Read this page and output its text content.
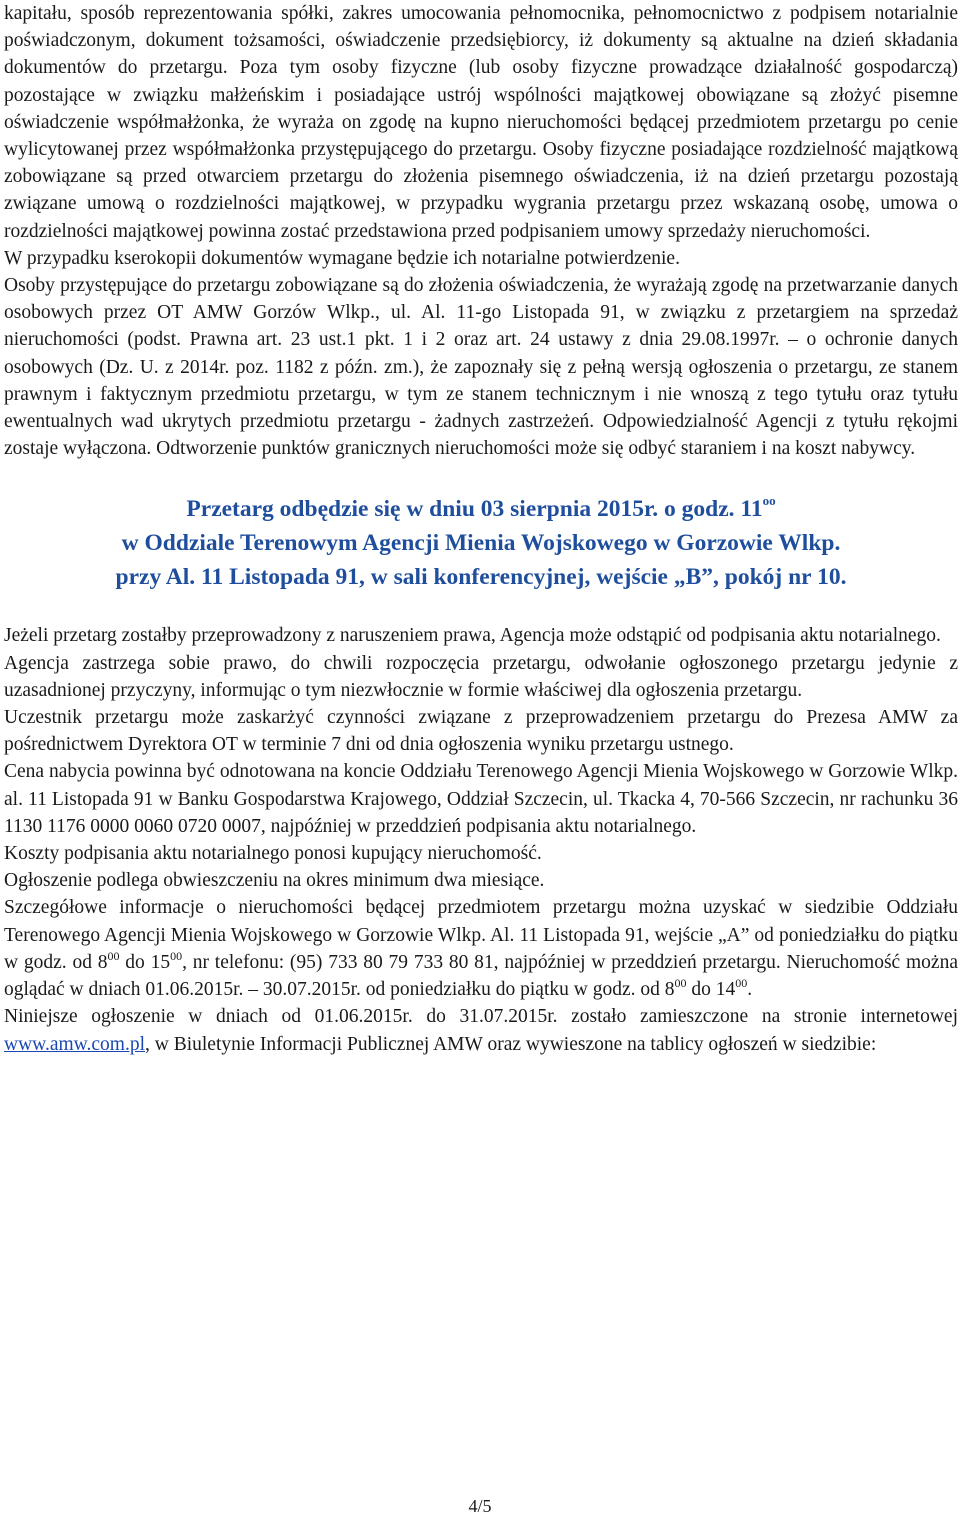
kapitału, sposób reprezentowania spółki, zakres umocowania pełnomocnika, pełnomocnictwo z podpisem notarialnie poświadczonym, dokument tożsamości, oświadczenie przedsiębiorcy, iż dokumenty są aktualne na dzień składania dokumentów do przetargu. Poza tym osoby fizyczne (lub osoby fizyczne prowadzące działalność gospodarczą) pozostające w związku małżeńskim i posiadające ustrój wspólności majątkowej obowiązane są złożyć pisemne oświadczenie współmałżonka, że wyraża on zgodę na kupno nieruchomości będącej przedmiotem przetargu po cenie wylicytowanej przez współmałżonka przystępującego do przetargu. Osoby fizyczne posiadające rozdzielność majątkową zobowiązane są przed otwarciem przetargu do złożenia pisemnego oświadczenia, iż na dzień przetargu pozostają związane umową o rozdzielności majątkowej, w przypadku wygrania przetargu przez wskazaną osobę, umowa o rozdzielności majątkowej powinna zostać przedstawiona przed podpisaniem umowy sprzedaży nieruchomości.

W przypadku kserokopii dokumentów wymagane będzie ich notarialne potwierdzenie.

Osoby przystępujące do przetargu zobowiązane są do złożenia oświadczenia, że wyrażają zgodę na przetwarzanie danych osobowych przez OT AMW Gorzów Wlkp., ul. Al. 11-go Listopada 91, w związku z przetargiem na sprzedaż nieruchomości (podst. Prawna art. 23 ust.1 pkt. 1 i 2 oraz art. 24 ustawy z dnia 29.08.1997r. – o ochronie danych osobowych (Dz. U. z 2014r. poz. 1182 z późn. zm.), że zapoznały się z pełną wersją ogłoszenia o przetargu, ze stanem prawnym i faktycznym przedmiotu przetargu, w tym ze stanem technicznym i nie wnoszą z tego tytułu oraz tytułu ewentualnych wad ukrytych przedmiotu przetargu - żadnych zastrzeżeń. Odpowiedzialność Agencji z tytułu rękojmi zostaje wyłączona. Odtworzenie punktów granicznych nieruchomości może się odbyć staraniem i na koszt nabywcy.

Przetarg odbędzie się w dniu 03 sierpnia 2015r. o godz. $11^{oo}$
w Oddziale Terenowym Agencji Mienia Wojskowego w Gorzowie Wlkp.
przy Al. 11 Listopada 91, w sali konferencyjnej, wejście „B”, pokój nr 10.

Jeżeli przetarg zostałby przeprowadzony z naruszeniem prawa, Agencja może odstąpić od podpisania aktu notarialnego.

Agencja zastrzega sobie prawo, do chwili rozpoczęcia przetargu, odwołanie ogłoszonego przetargu jedynie z uzasadnionej przyczyny, informując o tym niezwłocznie w formie właściwej dla ogłoszenia przetargu.

Uczestnik przetargu może zaskarżyć czynności związane z przeprowadzeniem przetargu do Prezesa AMW za pośrednictwem Dyrektora OT w terminie 7 dni od dnia ogłoszenia wyniku przetargu ustnego.

Cena nabycia powinna być odnotowana na koncie Oddziału Terenowego Agencji Mienia Wojskowego w Gorzowie Wlkp. al. 11 Listopada 91 w Banku Gospodarstwa Krajowego, Oddział Szczecin, ul. Tkacka 4, 70-566 Szczecin, nr rachunku 36 1130 1176 0000 0060 0720 0007, najpóźniej w przeddzień podpisania aktu notarialnego.

Koszty podpisania aktu notarialnego ponosi kupujący nieruchomość.

Ogłoszenie podlega obwieszczeniu na okres minimum dwa miesiące.

Szczegółowe informacje o nieruchomości będącej przedmiotem przetargu można uzyskać w siedzibie Oddziału Terenowego Agencji Mienia Wojskowego w Gorzowie Wlkp. Al. 11 Listopada 91, wejście „A” od poniedziałku do piątku w godz. od $8^{00}$ do $15^{00}$, nr telefonu: (95) 733 80 79 733 80 81, najpóźniej w przeddzień przetargu. Nieruchomość można oglądać w dniach 01.06.2015r. – 30.07.2015r. od poniedziałku do piątku w godz. od $8^{00}$ do $14^{00}$.

Niniejsze ogłoszenie w dniach od 01.06.2015r. do 31.07.2015r. zostało zamieszczone na stronie internetowej www.amw.com.pl, w Biuletynie Informacji Publicznej AMW oraz wywieszone na tablicy ogłoszeń w siedzibie:

4/5
